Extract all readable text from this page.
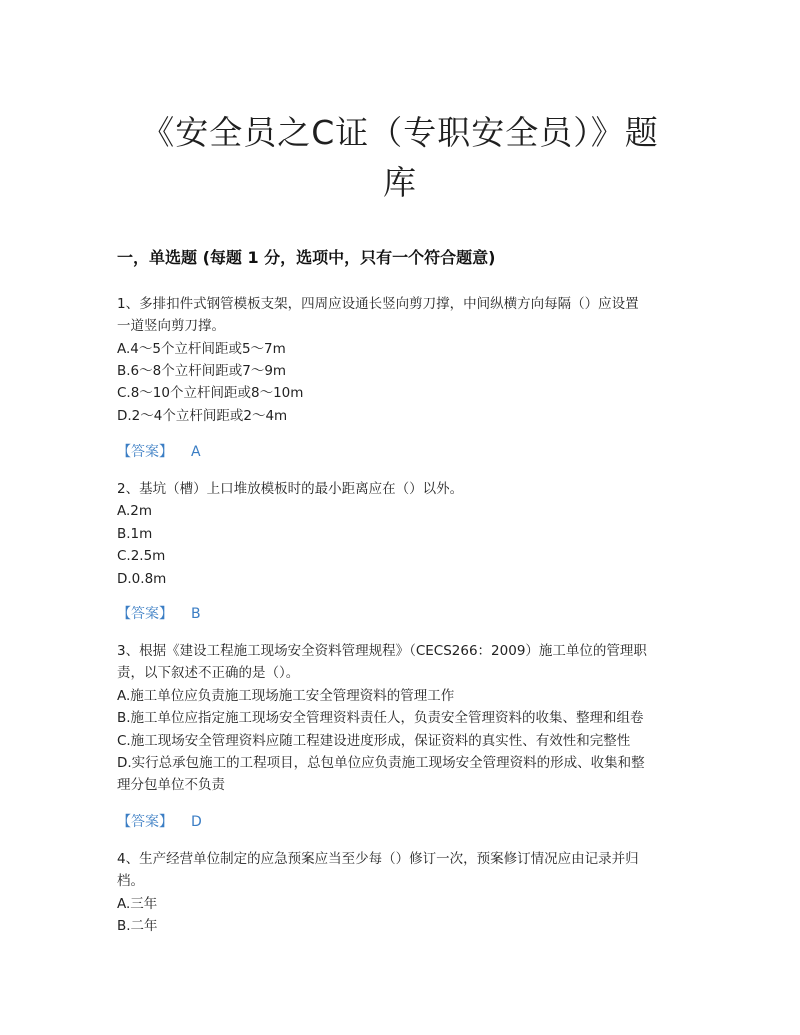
《安全员之C证（专职安全员）》题
库
一，单选题 (每题 1 分，选项中，只有一个符合题意)
1、多排扣件式钢管模板支架，四周应设通长竖向剪刀撑，中间纵横方向每隔（）应设置
一道竖向剪刀撑。
A.4～5个立杆间距或5～7m
B.6～8个立杆间距或7～9m
C.8～10个立杆间距或8～10m
D.2～4个立杆间距或2～4m
【答案】 A
2、基坑（槽）上口堆放模板时的最小距离应在（）以外。
A.2m
B.1m
C.2.5m
D.0.8m
【答案】 B
3、根据《建设工程施工现场安全资料管理规程》（CECS266：2009）施工单位的管理职
责，以下叙述不正确的是（）。
A.施工单位应负责施工现场施工安全管理资料的管理工作
B.施工单位应指定施工现场安全管理资料责任人，负责安全管理资料的收集、整理和组卷
C.施工现场安全管理资料应随工程建设进度形成，保证资料的真实性、有效性和完整性
D.实行总承包施工的工程项目，总包单位应负责施工现场安全管理资料的形成、收集和整
理分包单位不负责
【答案】 D
4、生产经营单位制定的应急预案应当至少每（）修订一次，预案修订情况应由记录并归
档。
A.三年
B.二年
